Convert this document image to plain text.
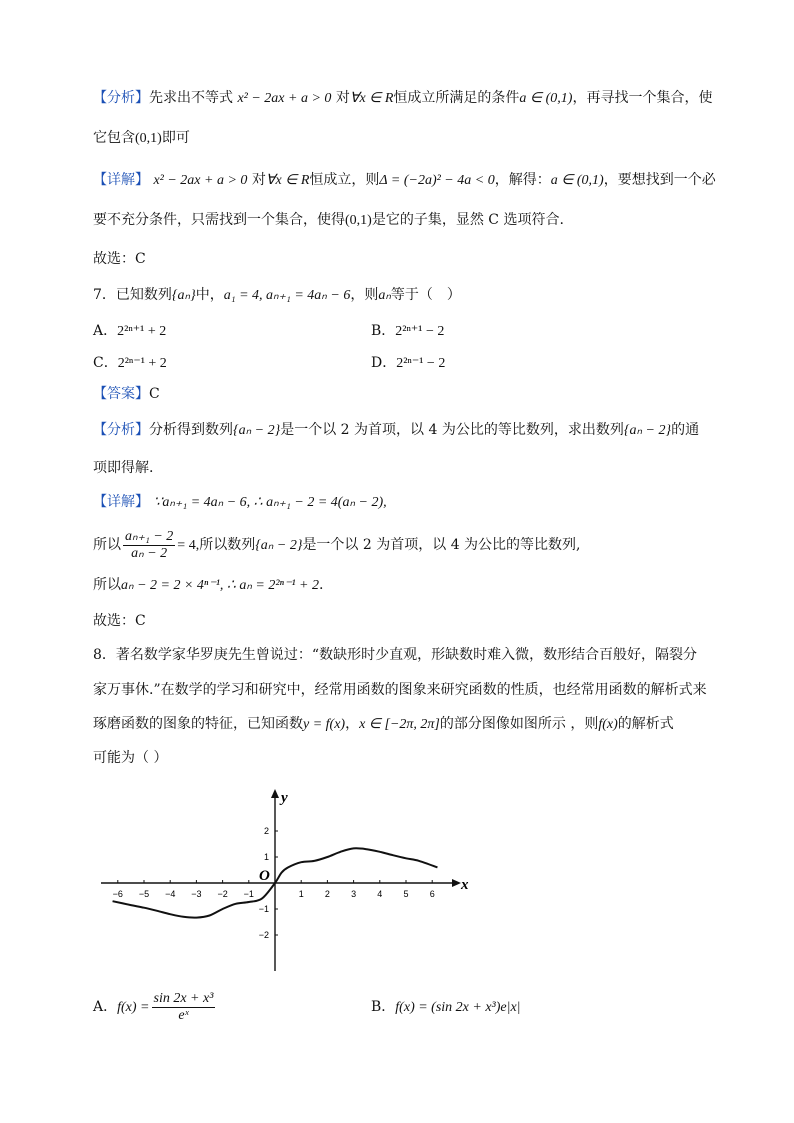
【分析】先求出不等式 x² − 2ax + a > 0 对∀x ∈ R恒成立所满足的条件a ∈ (0,1)，再寻找一个集合，使
它包含(0,1)即可
【详解】 x² − 2ax + a > 0 对∀x ∈ R恒成立，则Δ = (−2a)² − 4a < 0，解得：a ∈ (0,1)，要想找到一个必
要不充分条件，只需找到一个集合，使得(0,1)是它的子集，显然 C 选项符合.
故选：C
7．已知数列{aₙ}中，a₁ = 4, aₙ₊₁ = 4aₙ − 6，则aₙ等于（　）
A．2²ⁿ⁺¹ + 2	B．2²ⁿ⁺¹ − 2
C．2²ⁿ⁻¹ + 2	D．2²ⁿ⁻¹ − 2
【答案】C
【分析】分析得到数列{aₙ − 2}是一个以 2 为首项，以 4 为公比的等比数列，求出数列{aₙ − 2}的通
项即得解.
【详解】 ∵aₙ₊₁ = 4aₙ − 6, ∴ aₙ₊₁ − 2 = 4(aₙ − 2),
所以 $\frac{\text{aₙ₊₁ − 2}}{\text{aₙ − 2}} = 4$,所以数列{aₙ − 2}是一个以 2 为首项，以 4 为公比的等比数列,
所以aₙ − 2 = 2 × 4ⁿ⁻¹, ∴ aₙ = 2²ⁿ⁻¹ + 2.
故选：C
8．著名数学家华罗庚先生曾说过：“数缺形时少直观，形缺数时难入微，数形结合百般好，隔裂分
家万事休.”在数学的学习和研究中，经常用函数的图象来研究函数的性质，也经常用函数的解析式来
琢磨函数的图象的特征，已知函数y = f(x)，x ∈ [−2π, 2π]的部分图像如图所示 ，则f(x)的解析式
可能为（ ）
x
y
O
−6 −5 −4 −3 −2 −1	1 2 3 4 5 6
−2
−1
1
2
A．$f(x) = \frac{\text{sin 2x + x³}}{\text{eˣ}}$	B．f(x) = (sin 2x + x³)e|x|
